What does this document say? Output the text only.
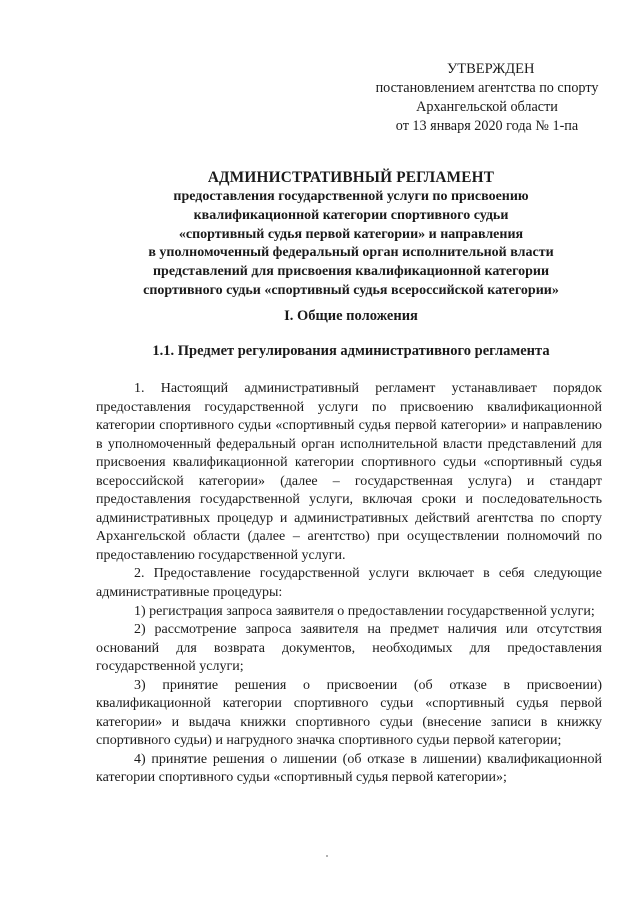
УТВЕРЖДЕН
постановлением агентства по спорту
Архангельской области
от 13 января 2020 года № 1-па
АДМИНИСТРАТИВНЫЙ РЕГЛАМЕНТ
предоставления государственной услуги по присвоению
квалификационной категории спортивного судьи
«спортивный судья первой категории» и направления
в уполномоченный федеральный орган исполнительной власти
представлений для присвоения квалификационной категории
спортивного судьи «спортивный судья всероссийской категории»
I. Общие положения
1.1. Предмет регулирования административного регламента

1. Настоящий административный регламент устанавливает порядок предоставления государственной услуги по присвоению квалификационной категории спортивного судьи «спортивный судья первой категории» и направлению в уполномоченный федеральный орган исполнительной власти представлений для присвоения квалификационной категории спортивного судьи «спортивный судья всероссийской категории» (далее – государственная услуга) и стандарт предоставления государственной услуги, включая сроки и последовательность административных процедур и административных действий агентства по спорту Архангельской области (далее – агентство) при осуществлении полномочий по предоставлению государственной услуги.

2. Предоставление государственной услуги включает в себя следующие административные процедуры:

1) регистрация запроса заявителя о предоставлении государственной услуги;

2) рассмотрение запроса заявителя на предмет наличия или отсутствия оснований для возврата документов, необходимых для предоставления государственной услуги;

3) принятие решения о присвоении (об отказе в присвоении) квалификационной категории спортивного судьи «спортивный судья первой категории» и выдача книжки спортивного судьи (внесение записи в книжку спортивного судьи) и нагрудного значка спортивного судьи первой категории;

4) принятие решения о лишении (об отказе в лишении) квалификационной категории спортивного судьи «спортивный судья первой категории»;
